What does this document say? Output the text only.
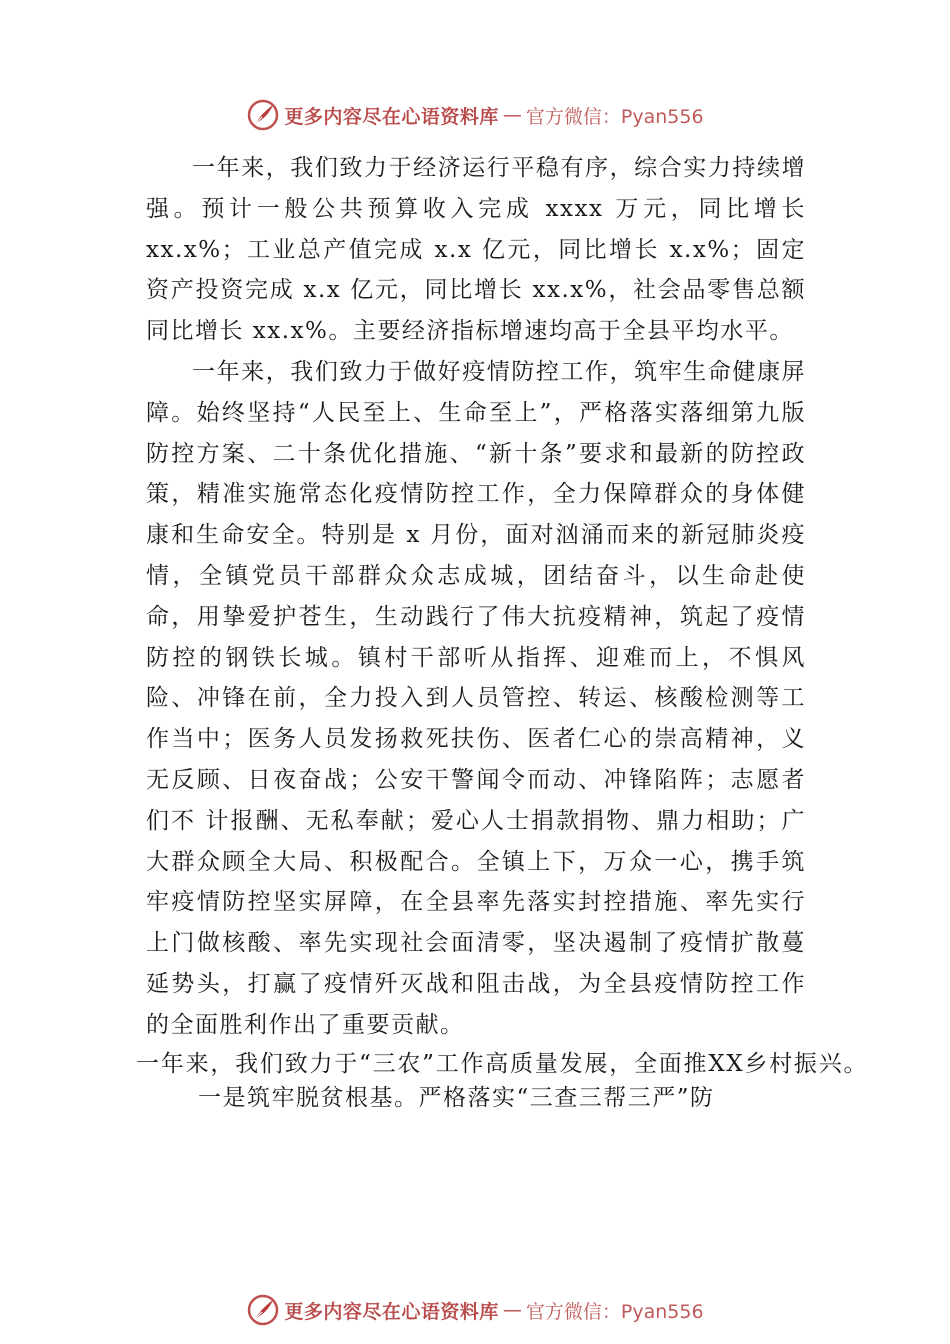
更多内容尽在心语资料库 — 官方微信：Pyan556

一年来，我们致力于经济运行平稳有序，综合实力持续增强。预计一般公共预算收入完成 xxxx 万元，同比增长 xx.x%；工业总产值完成 x.x 亿元，同比增长 x.x%；固定资产投资完成 x.x 亿元，同比增长 xx.x%，社会品零售总额同比增长 xx.x%。主要经济指标增速均高于全县平均水平。

一年来，我们致力于做好疫情防控工作，筑牢生命健康屏障。始终坚持“人民至上、生命至上”，严格落实落细第九版防控方案、二十条优化措施、“新十条”要求和最新的防控政策，精准实施常态化疫情防控工作，全力保障群众的身体健康和生命安全。特别是 x 月份，面对汹涌而来的新冠肺炎疫情，全镇党员干部群众众志成城，团结奋斗，以生命赴使命，用挚爱护苍生，生动践行了伟大抗疫精神，筑起了疫情防控的钢铁长城。镇村干部听从指挥、迎难而上，不惧风险、冲锋在前，全力投入到人员管控、转运、核酸检测等工作当中；医务人员发扬救死扶伤、医者仁心的崇高精神，义无反顾、日夜奋战；公安干警闻令而动、冲锋陷阵；志愿者们不 计报酬、无私奉献；爱心人士捐款捐物、鼎力相助；广大群众顾全大局、积极配合。全镇上下，万众一心，携手筑牢疫情防控坚实屏障，在全县率先落实封控措施、率先实行上门做核酸、率先实现社会面清零，坚决遏制了疫情扩散蔓延势头，打赢了疫情歼灭战和阻击战，为全县疫情防控工作的全面胜利作出了重要贡献。

一年来，我们致力于“三农”工作高质量发展，全面推XX乡村振兴。一是筑牢脱贫根基。严格落实“三查三帮三严”防

更多内容尽在心语资料库 — 官方微信：Pyan556
